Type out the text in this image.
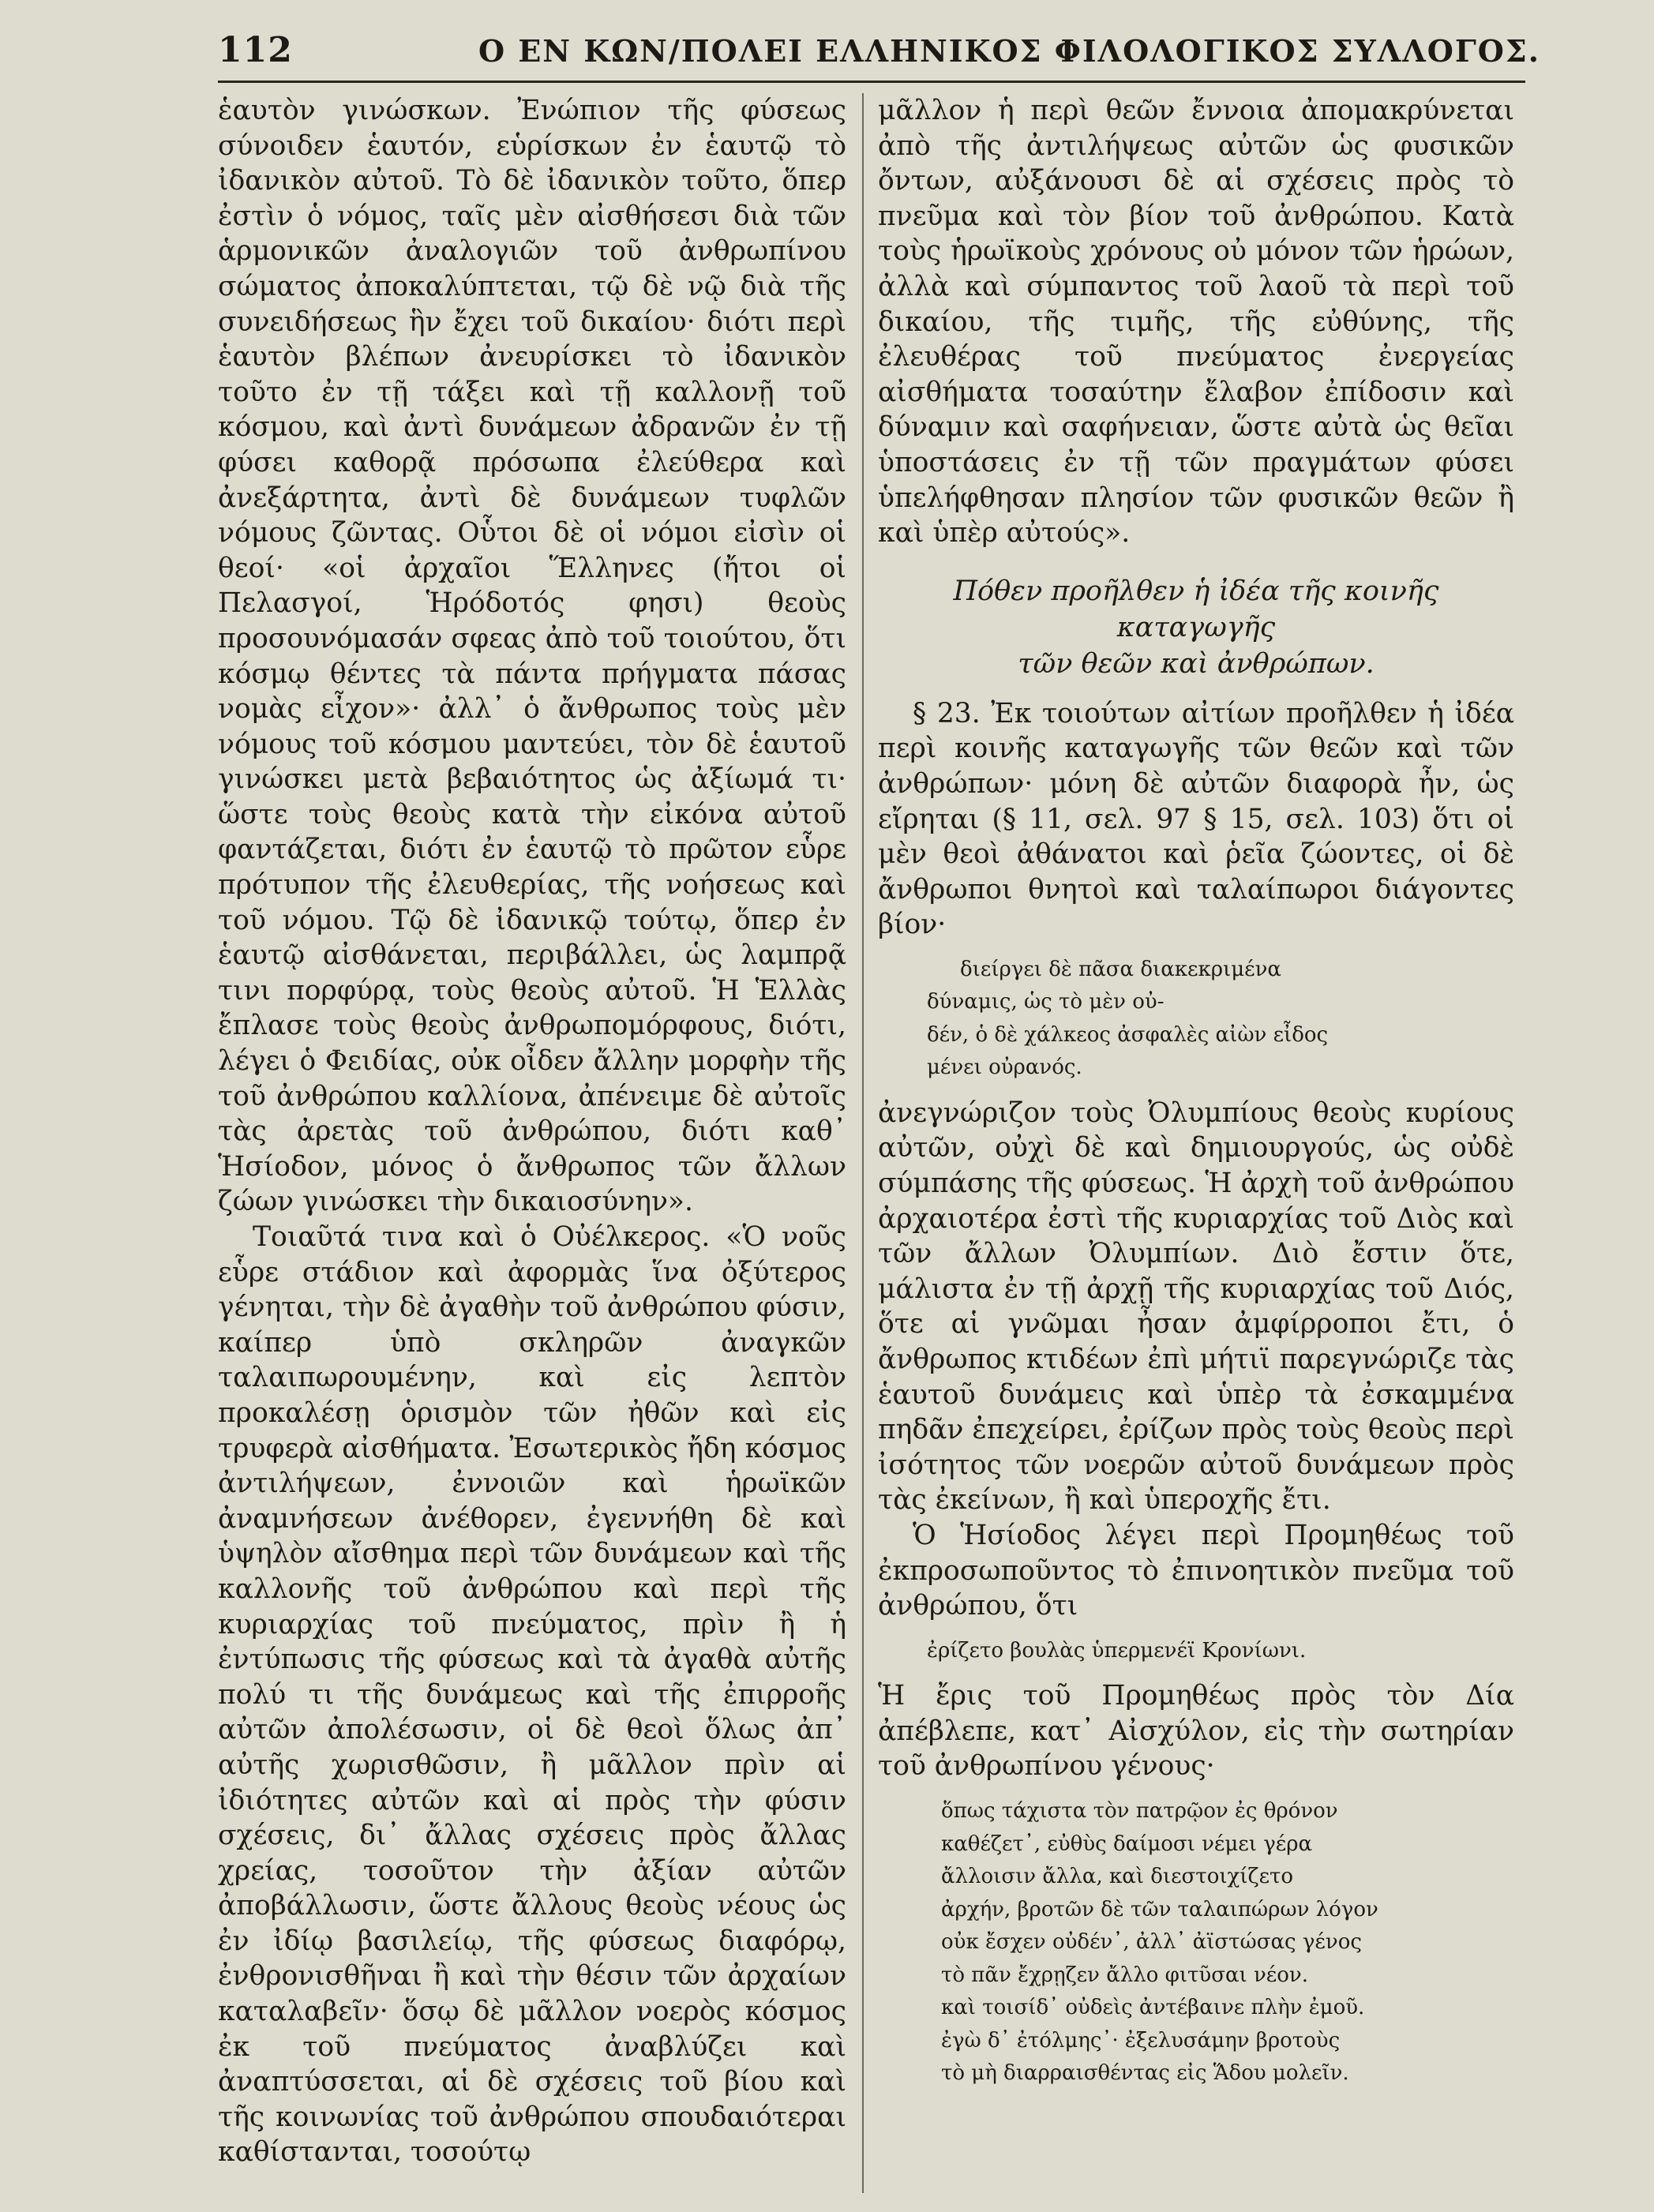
112	Ο ΕΝ ΚΩΝ/ΠΟΛΕΙ ΕΛΛΗΝΙΚΟΣ ΦΙΛΟΛΟΓΙΚΟΣ ΣΥΛΛΟΓΟΣ.

ἑαυτὸν γινώσκων. Ἐνώπιον τῆς φύσεως σύνοιδεν ἑαυτόν, εὑρίσκων ἐν ἑαυτῷ τὸ ἰδανικὸν αὐτοῦ. Τὸ δὲ ἰδανικὸν τοῦτο, ὅπερ ἐστὶν ὁ νόμος, ταῖς μὲν αἰσθήσεσι διὰ τῶν ἁρμονικῶν ἀναλογιῶν τοῦ ἀνθρωπίνου σώματος ἀποκαλύπτεται, τῷ δὲ νῷ διὰ τῆς συνειδήσεως ἣν ἔχει τοῦ δικαίου· διότι περὶ ἑαυτὸν βλέπων ἀνευρίσκει τὸ ἰδανικὸν τοῦτο ἐν τῇ τάξει καὶ τῇ καλλονῇ τοῦ κόσμου, καὶ ἀντὶ δυνάμεων ἀδρανῶν ἐν τῇ φύσει καθορᾷ πρόσωπα ἐλεύθερα καὶ ἀνεξάρτητα, ἀντὶ δὲ δυνάμεων τυφλῶν νόμους ζῶντας. Οὗτοι δὲ οἱ νόμοι εἰσὶν οἱ θεοί· «οἱ ἀρχαῖοι Ἕλληνες (ἤτοι οἱ Πελασγοί, Ἡρόδοτός φησι) θεοὺς προσουνόμασάν σφεας ἀπὸ τοῦ τοιούτου, ὅτι κόσμῳ θέντες τὰ πάντα πρήγματα πάσας νομὰς εἶχον»· ἀλλ᾽ ὁ ἄνθρωπος τοὺς μὲν νόμους τοῦ κόσμου μαντεύει, τὸν δὲ ἑαυτοῦ γινώσκει μετὰ βεβαιότητος ὡς ἀξίωμά τι· ὥστε τοὺς θεοὺς κατὰ τὴν εἰκόνα αὐτοῦ φαντάζεται, διότι ἐν ἑαυτῷ τὸ πρῶτον εὗρε πρότυπον τῆς ἐλευθερίας, τῆς νοήσεως καὶ τοῦ νόμου. Τῷ δὲ ἰδανικῷ τούτῳ, ὅπερ ἐν ἑαυτῷ αἰσθάνεται, περιβάλλει, ὡς λαμπρᾷ τινι πορφύρᾳ, τοὺς θεοὺς αὐτοῦ. Ἡ Ἑλλὰς ἔπλασε τοὺς θεοὺς ἀνθρωπομόρφους, διότι, λέγει ὁ Φειδίας, οὐκ οἶδεν ἄλλην μορφὴν τῆς τοῦ ἀνθρώπου καλλίονα, ἀπένειμε δὲ αὐτοῖς τὰς ἀρετὰς τοῦ ἀνθρώπου, διότι καθ᾽ Ἡσίοδον, μόνος ὁ ἄνθρωπος τῶν ἄλλων ζώων γινώσκει τὴν δικαιοσύνην».

Τοιαῦτά τινα καὶ ὁ Οὐέλκερος. «Ὁ νοῦς εὗρε στάδιον καὶ ἀφορμὰς ἵνα ὀξύτερος γένηται, τὴν δὲ ἀγαθὴν τοῦ ἀνθρώπου φύσιν, καίπερ ὑπὸ σκληρῶν ἀναγκῶν ταλαιπωρουμένην, καὶ εἰς λεπτὸν προκαλέσῃ ὁρισμὸν τῶν ἠθῶν καὶ εἰς τρυφερὰ αἰσθήματα. Ἐσωτερικὸς ἤδη κόσμος ἀντιλήψεων, ἐννοιῶν καὶ ἡρωϊκῶν ἀναμνήσεων ἀνέθορεν, ἐγεννήθη δὲ καὶ ὑψηλὸν αἴσθημα περὶ τῶν δυνάμεων καὶ τῆς καλλονῆς τοῦ ἀνθρώπου καὶ περὶ τῆς κυριαρχίας τοῦ πνεύματος, πρὶν ἢ ἡ ἐντύπωσις τῆς φύσεως καὶ τὰ ἀγαθὰ αὐτῆς πολύ τι τῆς δυνάμεως καὶ τῆς ἐπιρροῆς αὐτῶν ἀπολέσωσιν, οἱ δὲ θεοὶ ὅλως ἀπ᾽ αὐτῆς χωρισθῶσιν, ἢ μᾶλλον πρὶν αἱ ἰδιότητες αὐτῶν καὶ αἱ πρὸς τὴν φύσιν σχέσεις, δι᾽ ἄλλας σχέσεις πρὸς ἄλλας χρείας, τοσοῦτον τὴν ἀξίαν αὐτῶν ἀποβάλλωσιν, ὥστε ἄλλους θεοὺς νέους ὡς ἐν ἰδίῳ βασιλείῳ, τῆς φύσεως διαφόρῳ, ἐνθρονισθῆναι ἢ καὶ τὴν θέσιν τῶν ἀρχαίων καταλαβεῖν· ὅσῳ δὲ μᾶλλον νοερὸς κόσμος ἐκ τοῦ πνεύματος ἀναβλύζει καὶ ἀναπτύσσεται, αἱ δὲ σχέσεις τοῦ βίου καὶ τῆς κοινωνίας τοῦ ἀνθρώπου σπουδαιότεραι καθίστανται, τοσούτῳ

μᾶλλον ἡ περὶ θεῶν ἔννοια ἀπομακρύνεται ἀπὸ τῆς ἀντιλήψεως αὐτῶν ὡς φυσικῶν ὄντων, αὐξάνουσι δὲ αἱ σχέσεις πρὸς τὸ πνεῦμα καὶ τὸν βίον τοῦ ἀνθρώπου. Κατὰ τοὺς ἡρωϊκοὺς χρόνους οὐ μόνον τῶν ἡρώων, ἀλλὰ καὶ σύμπαντος τοῦ λαοῦ τὰ περὶ τοῦ δικαίου, τῆς τιμῆς, τῆς εὐθύνης, τῆς ἐλευθέρας τοῦ πνεύματος ἐνεργείας αἰσθήματα τοσαύτην ἔλαβον ἐπίδοσιν καὶ δύναμιν καὶ σαφήνειαν, ὥστε αὐτὰ ὡς θεῖαι ὑποστάσεις ἐν τῇ τῶν πραγμάτων φύσει ὑπελήφθησαν πλησίον τῶν φυσικῶν θεῶν ἢ καὶ ὑπὲρ αὐτούς».

Πόθεν προῆλθεν ἡ ἰδέα τῆς κοινῆς καταγωγῆς
τῶν θεῶν καὶ ἀνθρώπων.

§ 23. Ἐκ τοιούτων αἰτίων προῆλθεν ἡ ἰδέα περὶ κοινῆς καταγωγῆς τῶν θεῶν καὶ τῶν ἀνθρώπων· μόνη δὲ αὐτῶν διαφορὰ ἦν, ὡς εἴρηται (§ 11, σελ. 97 § 15, σελ. 103) ὅτι οἱ μὲν θεοὶ ἀθάνατοι καὶ ῥεῖα ζώοντες, οἱ δὲ ἄνθρωποι θνητοὶ καὶ ταλαίπωροι διάγοντες βίον·

διείργει δὲ πᾶσα διακεκριμένα
δύναμις, ὡς τὸ μὲν οὐ-
δέν, ὁ δὲ χάλκεος ἀσφαλὲς αἰὼν εἶδος
μένει οὐρανός.

ἀνεγνώριζον τοὺς Ὀλυμπίους θεοὺς κυρίους αὐτῶν, οὐχὶ δὲ καὶ δημιουργούς, ὡς οὐδὲ σύμπάσης τῆς φύσεως. Ἡ ἀρχὴ τοῦ ἀνθρώπου ἀρχαιοτέρα ἐστὶ τῆς κυριαρχίας τοῦ Διὸς καὶ τῶν ἄλλων Ὀλυμπίων. Διὸ ἔστιν ὅτε, μάλιστα ἐν τῇ ἀρχῇ τῆς κυριαρχίας τοῦ Διός, ὅτε αἱ γνῶμαι ἦσαν ἀμφίρροποι ἔτι, ὁ ἄνθρωπος κτιδέων ἐπὶ μήτιϊ παρεγνώριζε τὰς ἑαυτοῦ δυνάμεις καὶ ὑπὲρ τὰ ἐσκαμμένα πηδᾶν ἐπεχείρει, ἐρίζων πρὸς τοὺς θεοὺς περὶ ἰσότητος τῶν νοερῶν αὐτοῦ δυνάμεων πρὸς τὰς ἐκείνων, ἢ καὶ ὑπεροχῆς ἔτι.

Ὁ Ἡσίοδος λέγει περὶ Προμηθέως τοῦ ἐκπροσωποῦντος τὸ ἐπινοητικὸν πνεῦμα τοῦ ἀνθρώπου, ὅτι

ἐρίζετο βουλὰς ὑπερμενέϊ Κρονίωνι.

Ἡ ἔρις τοῦ Προμηθέως πρὸς τὸν Δία ἀπέβλεπε, κατ᾽ Αἰσχύλον, εἰς τὴν σωτηρίαν τοῦ ἀνθρωπίνου γένους·

ὅπως τάχιστα τὸν πατρῷον ἐς θρόνον
καθέζετ᾽, εὐθὺς δαίμοσι νέμει γέρα
ἄλλοισιν ἄλλα, καὶ διεστοιχίζετο
ἀρχήν, βροτῶν δὲ τῶν ταλαιπώρων λόγον
οὐκ ἔσχεν οὐδέν᾽, ἀλλ᾽ ἀϊστώσας γένος
τὸ πᾶν ἔχρῃζεν ἄλλο φιτῦσαι νέον.
καὶ τοισίδ᾽ οὐδεὶς ἀντέβαινε πλὴν ἐμοῦ.
ἐγὼ δ᾽ ἐτόλμης᾽· ἐξελυσάμην βροτοὺς
τὸ μὴ διαρραισθέντας εἰς Ἅδου μολεῖν.
